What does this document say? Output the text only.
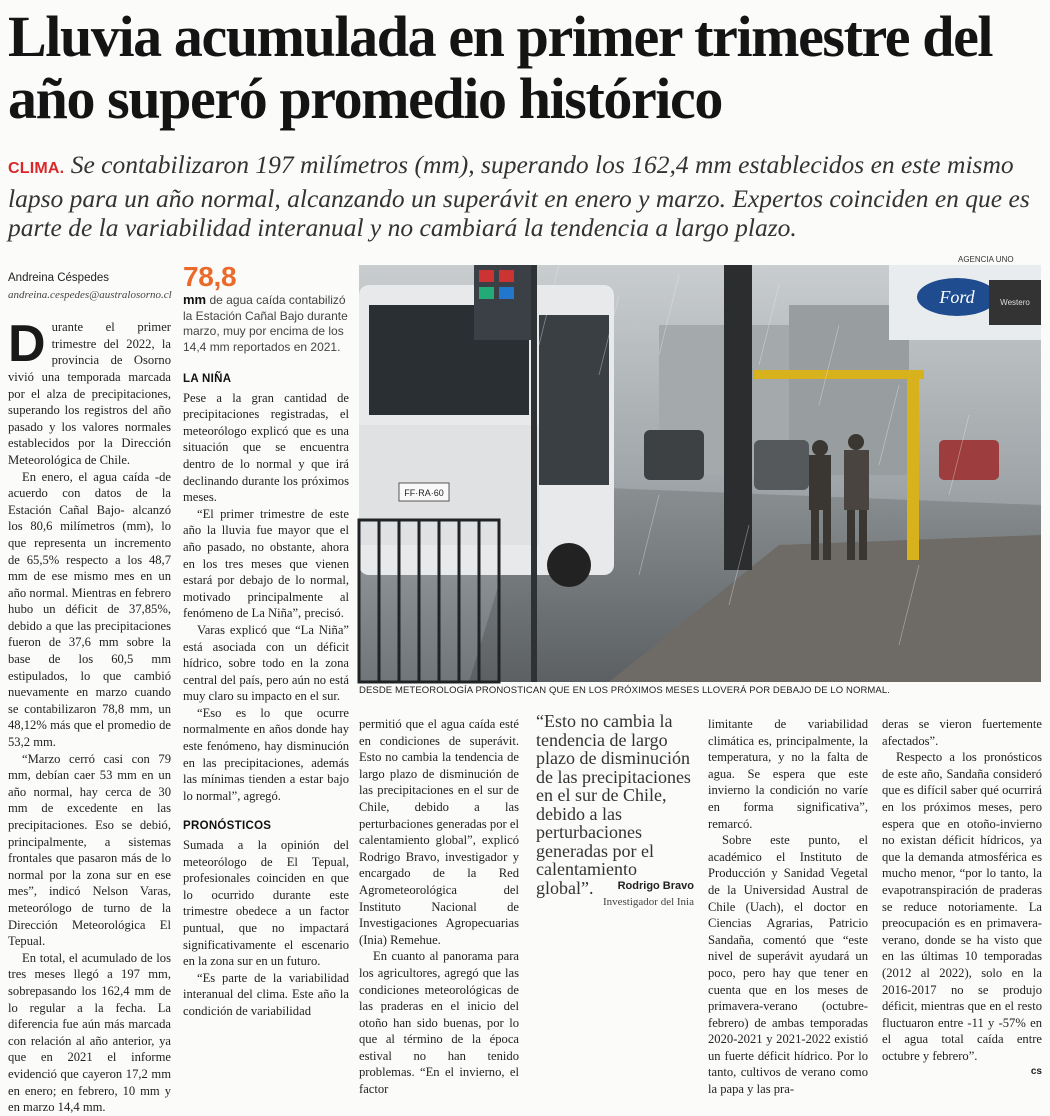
Lluvia acumulada en primer trimestre del año superó promedio histórico
CLIMA. Se contabilizaron 197 milímetros (mm), superando los 162,4 mm establecidos en este mismo lapso para un año normal, alcanzando un superávit en enero y marzo. Expertos coinciden en que es parte de la variabilidad interanual y no cambiará la tendencia a largo plazo.
Andreina Céspedes
andreina.cespedes@australosorno.cl
D urante el primer trimestre del 2022, la provincia de Osorno vivió una temporada marcada por el alza de precipitaciones, superando los registros del año pasado y los valores normales establecidos por la Dirección Meteorológica de Chile.

En enero, el agua caída -de acuerdo con datos de la Estación Cañal Bajo- alcanzó los 80,6 milímetros (mm), lo que representa un incremento de 65,5% respecto a los 48,7 mm de ese mismo mes en un año normal. Mientras en febrero hubo un déficit de 37,85%, debido a que las precipitaciones fueron de 37,6 mm sobre la base de los 60,5 mm estipulados, lo que cambió nuevamente en marzo cuando se contabilizaron 78,8 mm, un 48,12% más que el promedio de 53,2 mm.

“Marzo cerró casi con 79 mm, debían caer 53 mm en un año normal, hay cerca de 30 mm de excedente en las precipitaciones. Eso se debió, principalmente, a sistemas frontales que pasaron más de lo normal por la zona sur en ese mes”, indicó Nelson Varas, meteorólogo de turno de la Dirección Meteorológica El Tepual.

En total, el acumulado de los tres meses llegó a 197 mm, sobrepasando los 162,4 mm de lo regular a la fecha. La diferencia fue aún más marcada con relación al año anterior, ya que en 2021 el informe evidenció que cayeron 17,2 mm en enero; en febrero, 10 mm y en marzo 14,4 mm.

78,8
mm de agua caída contabilizó la Estación Cañal Bajo durante marzo, muy por encima de los 14,4 mm reportados en 2021.
LA NIÑA

Pese a la gran cantidad de precipitaciones registradas, el meteorólogo explicó que es una situación que se encuentra dentro de lo normal y que irá declinando durante los próximos meses.

“El primer trimestre de este año la lluvia fue mayor que el año pasado, no obstante, ahora en los tres meses que vienen estará por debajo de lo normal, motivado principalmente al fenómeno de La Niña”, precisó.

Varas explicó que “La Niña” está asociada con un déficit hídrico, sobre todo en la zona central del país, pero aún no está muy claro su impacto en el sur.

“Eso es lo que ocurre normalmente en años donde hay este fenómeno, hay disminución en las precipitaciones, además las mínimas tienden a estar bajo lo normal”, agregó.

PRONÓSTICOS

Sumada a la opinión del meteorólogo de El Tepual, profesionales coinciden en que lo ocurrido durante este trimestre obedece a un factor puntual, que no impactará significativamente el escenario en la zona sur en un futuro.

“Es parte de la variabilidad interanual del clima. Este año la condición de variabilidad

AGENCIA UNO
FF·RA·60
Ford	Westero
DESDE METEOROLOGÍA PRONOSTICAN QUE EN LOS PRÓXIMOS MESES LLOVERÁ POR DEBAJO DE LO NORMAL.

permitió que el agua caída esté en condiciones de superávit. Esto no cambia la tendencia de largo plazo de disminución de las precipitaciones en el sur de Chile, debido a las perturbaciones generadas por el calentamiento global”, explicó Rodrigo Bravo, investigador y encargado de la Red Agrometeorológica del Instituto Nacional de Investigaciones Agropecuarias (Inia) Remehue.

En cuanto al panorama para los agricultores, agregó que las condiciones meteorológicas de las praderas en el inicio del otoño han sido buenas, por lo que al término de la época estival no han tenido problemas. “En el invierno, el factor

“Esto no cambia la tendencia de largo plazo de disminución de las precipitaciones en el sur de Chile, debido a las perturbaciones generadas por el calentamiento global”.	Rodrigo Bravo
Investigador del Inia

limitante de variabilidad climática es, principalmente, la temperatura, y no la falta de agua. Se espera que este invierno la condición no varíe en forma significativa”, remarcó.

Sobre este punto, el académico el Instituto de Producción y Sanidad Vegetal de la Universidad Austral de Chile (Uach), el doctor en Ciencias Agrarias, Patricio Sandaña, comentó que “este nivel de superávit ayudará un poco, pero hay que tener en cuenta que en los meses de primavera-verano (octubre-febrero) de ambas temporadas 2020-2021 y 2021-2022 existió un fuerte déficit hídrico. Por lo tanto, cultivos de verano como la papa y las pra-

deras se vieron fuertemente afectados”.

Respecto a los pronósticos de este año, Sandaña consideró que es difícil saber qué ocurrirá en los próximos meses, pero espera que en otoño-invierno no existan déficit hídricos, ya que la demanda atmosférica es mucho menor, “por lo tanto, la evapotranspiración de praderas se reduce notoriamente. La preocupación es en primavera-verano, donde se ha visto que en las últimas 10 temporadas (2012 al 2022), solo en la 2016-2017 no se produjo déficit, mientras que en el resto fluctuaron entre -11 y -57% en el agua total caída entre octubre y febrero”.

cs
